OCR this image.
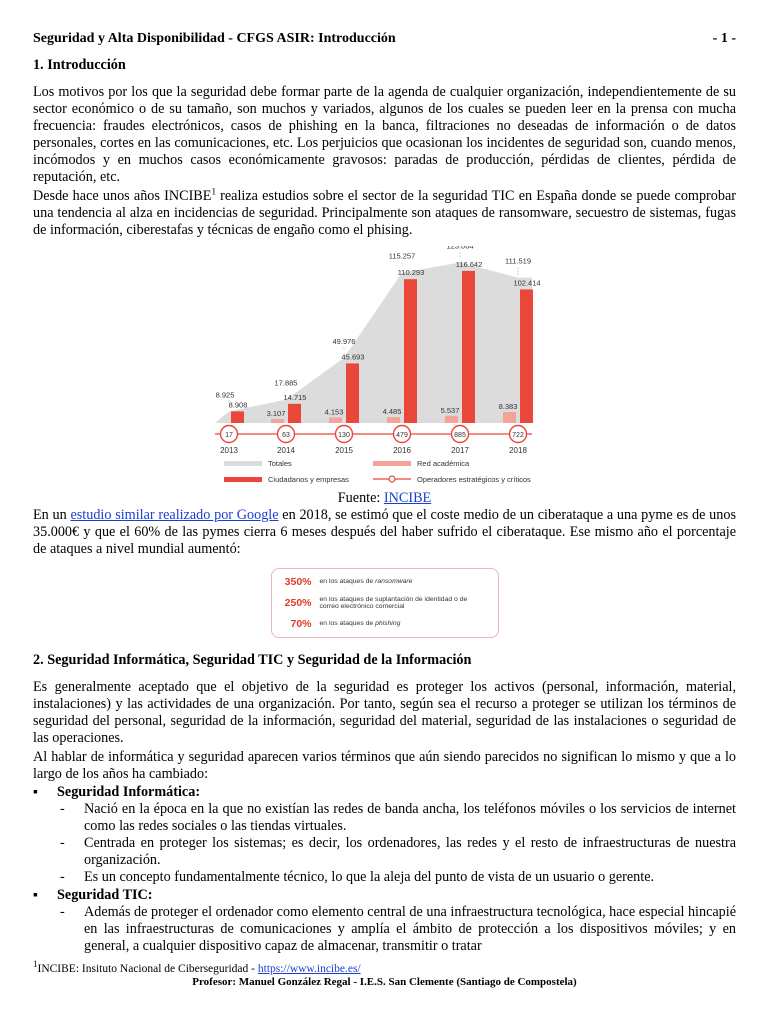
Seguridad y Alta Disponibilidad - CFGS ASIR: Introducción	- 1 -
1. Introducción

Los motivos por los que la seguridad debe formar parte de la agenda de cualquier organización, independientemente de su sector económico o de su tamaño, son muchos y variados, algunos de los cuales se pueden leer en la prensa con mucha frecuencia: fraudes electrónicos, casos de phishing en la banca, filtraciones no deseadas de información o de datos personales, cortes en las comunicaciones, etc. Los perjuicios que ocasionan los incidentes de seguridad son, cuando menos, incómodos y en muchos casos económicamente gravosos: paradas de producción, pérdidas de clientes, pérdida de reputación, etc.

Desde hace unos años INCIBE$^1$ realiza estudios sobre el sector de la seguridad TIC en España donde se puede comprobar una tendencia al alza en incidencias de seguridad. Principalmente son ataques de ransomware, secuestro de sistemas, fugas de información, ciberestafas y técnicas de engaño como el phising.

8.908
8.925
17
2013
3.107
14.715
17.885
63
2014
4.153
45.693
49.976
130
2015
4.485
110.293
115.257
479
2016
5.537
116.642
123.064
885
2017
8.383
102.414
111.519
722
2018
Totales	Red académica
Ciudadanos y empresas	Operadores estratégicos y críticos
Fuente: INCIBE

En un estudio similar realizado por Google en 2018, se estimó que el coste medio de un ciberataque a una pyme es de unos 35.000€ y que el 60% de las pymes cierra 6 meses después del haber sufrido el ciberataque. Ese mismo año el porcentaje de ataques a nivel mundial aumentó:

350% en los ataques de ransomware
250% en los ataques de suplantación de identidad o de correo electrónico comercial
70% en los ataques de phishing
2. Seguridad Informática, Seguridad TIC y Seguridad de la Información

Es generalmente aceptado que el objetivo de la seguridad es proteger los activos (personal, información, material, instalaciones) y las actividades de una organización. Por tanto, según sea el recurso a proteger se utilizan los términos de seguridad del personal, seguridad de la información, seguridad del material, seguridad de las instalaciones o seguridad de las operaciones.

Al hablar de informática y seguridad aparecen varios términos que aún siendo parecidos no significan lo mismo y que a lo largo de los años ha cambiado:

▪ Seguridad Informática:
- Nació en la época en la que no existían las redes de banda ancha, los teléfonos móviles o los servicios de internet como las redes sociales o las tiendas virtuales.
- Centrada en proteger los sistemas; es decir, los ordenadores, las redes y el resto de infraestructuras de nuestra organización.
- Es un concepto fundamentalmente técnico, lo que la aleja del punto de vista de un usuario o gerente.
▪ Seguridad TIC:
- Además de proteger el ordenador como elemento central de una infraestructura tecnológica, hace especial hincapié en las infraestructuras de comunicaciones y amplía el ámbito de protección a los dispositivos móviles; y en general, a cualquier dispositivo capaz de almacenar, transmitir o tratar
$^1$INCIBE: Insituto Nacional de Ciberseguridad - https://www.incibe.es/
Profesor: Manuel González Regal - I.E.S. San Clemente (Santiago de Compostela)
